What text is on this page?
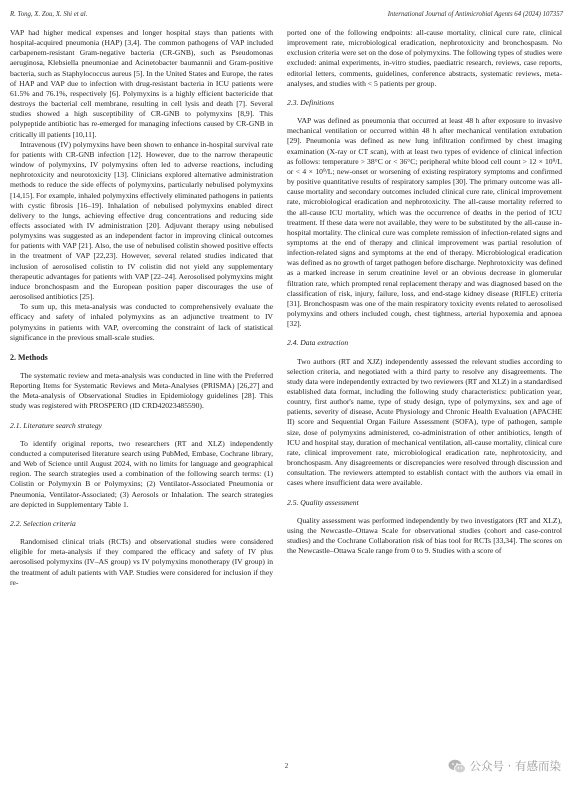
R. Tong, X. Zou, X. Shi et al.	International Journal of Antimicrobial Agents 64 (2024) 107357

VAP had higher medical expenses and longer hospital stays than patients with hospital-acquired pneumonia (HAP) [3,4]. The common pathogens of VAP included carbapenem-resistant Gram-negative bacteria (CR-GNB), such as Pseudomonas aeruginosa, Klebsiella pneumoniae and Acinetobacter baumannii and Gram-positive bacteria, such as Staphylococcus aureus [5]. In the United States and Europe, the rates of HAP and VAP due to infection with drug-resistant bacteria in ICU patients were 61.5% and 76.1%, respectively [6]. Polymyxins is a highly efficient bactericide that destroys the bacterial cell membrane, resulting in cell lysis and death [7]. Several studies showed a high susceptibility of CR-GNB to polymyxins [8,9]. This polypeptide antibiotic has re-emerged for managing infections caused by CR-GNB in critically ill patients [10,11].

Intravenous (IV) polymyxins have been shown to enhance in-hospital survival rate for patients with CR-GNB infection [12]. However, due to the narrow therapeutic window of polymyxins, IV polymyxins often led to adverse reactions, including nephrotoxicity and neurotoxicity [13]. Clinicians explored alternative administration methods to reduce the side effects of polymyxins, particularly nebulised polymyxins [14,15]. For example, inhaled polymyxins effectively eliminated pathogens in patients with cystic fibrosis [16–19]. Inhalation of nebulised polymyxins enabled direct delivery to the lungs, achieving effective drug concentrations and reducing side effects associated with IV administration [20]. Adjuvant therapy using nebulised polymyxins was suggested as an independent factor in improving clinical outcomes for patients with VAP [21]. Also, the use of nebulised colistin showed positive effects in the treatment of VAP [22,23]. However, several related studies indicated that inclusion of aerosolised colistin to IV colistin did not yield any supplementary therapeutic advantages for patients with VAP [22–24]. Aerosolised polymyxins might induce bronchospasm and the European position paper discourages the use of aerosolised antibiotics [25].

To sum up, this meta-analysis was conducted to comprehensively evaluate the efficacy and safety of inhaled polymyxins as an adjunctive treatment to IV polymyxins in patients with VAP, overcoming the constraint of lack of statistical significance in the previous small-scale studies.

2. Methods

The systematic review and meta-analysis was conducted in line with the Preferred Reporting Items for Systematic Reviews and Meta-Analyses (PRISMA) [26,27] and the Meta-analysis of Observational Studies in Epidemiology guidelines [28]. This study was registered with PROSPERO (ID CRD42023485590).

2.1. Literature search strategy

To identify original reports, two researchers (RT and XLZ) independently conducted a computerised literature search using PubMed, Embase, Cochrane library, and Web of Science until August 2024, with no limits for language and geographical region. The search strategies used a combination of the following search terms: (1) Colistin or Polymyxin B or Polymyxins; (2) Ventilator-Associated Pneumonia or Pneumonia, Ventilator-Associated; (3) Aerosols or Inhalation. The search strategies are depicted in Supplementary Table 1.

2.2. Selection criteria

Randomised clinical trials (RCTs) and observational studies were considered eligible for meta-analysis if they compared the efficacy and safety of IV plus aerosolised polymyxins (IV–AS group) vs IV polymyxins monotherapy (IV group) in the treatment of adult patients with VAP. Studies were considered for inclusion if they re-

ported one of the following endpoints: all-cause mortality, clinical cure rate, clinical improvement rate, microbiological eradication, nephrotoxicity and bronchospasm. No exclusion criteria were set on the dose of polymyxins. The following types of studies were excluded: animal experiments, in-vitro studies, paediatric research, reviews, case reports, editorial letters, comments, guidelines, conference abstracts, systematic reviews, meta-analyses, and studies with < 5 patients per group.

2.3. Definitions

VAP was defined as pneumonia that occurred at least 48 h after exposure to invasive mechanical ventilation or occurred within 48 h after mechanical ventilation extubation [29]. Pneumonia was defined as new lung infiltration confirmed by chest imaging examination (X-ray or CT scan), with at least two types of evidence of clinical infection as follows: temperature > 38°C or < 36°C; peripheral white blood cell count > 12 × 10⁹/L or < 4 × 10⁹/L; new-onset or worsening of existing respiratory symptoms and confirmed by positive quantitative results of respiratory samples [30]. The primary outcome was all-cause mortality and secondary outcomes included clinical cure rate, clinical improvement rate, microbiological eradication and nephrotoxicity. The all-cause mortality referred to the all-cause ICU mortality, which was the occurrence of deaths in the period of ICU treatment. If these data were not available, they were to be substituted by the all-cause in-hospital mortality. The clinical cure was complete remission of infection-related signs and symptoms at the end of therapy and clinical improvement was partial resolution of infection-related signs and symptoms at the end of therapy. Microbiological eradication was defined as no growth of target pathogen before discharge. Nephrotoxicity was defined as a marked increase in serum creatinine level or an obvious decrease in glomerular filtration rate, which prompted renal replacement therapy and was diagnosed based on the classification of risk, injury, failure, loss, and end-stage kidney disease (RIFLE) criteria [31]. Bronchospasm was one of the main respiratory toxicity events related to aerosolised polymyxins and others included cough, chest tightness, arterial hypoxemia and apnoea [32].

2.4. Data extraction

Two authors (RT and XJZ) independently assessed the relevant studies according to selection criteria, and negotiated with a third party to resolve any disagreements. The study data were independently extracted by two reviewers (RT and XLZ) in a standardised established data format, including the following study characteristics: publication year, country, first author's name, type of study design, type of polymyxins, sex and age of patients, severity of disease, Acute Physiology and Chronic Health Evaluation (APACHE II) score and Sequential Organ Failure Assessment (SOFA), type of pathogen, sample size, dose of polymyxins administered, co-administration of other antibiotics, length of ICU and hospital stay, duration of mechanical ventilation, all-cause mortality, clinical cure rate, clinical improvement rate, microbiological eradication rate, nephrotoxicity, and bronchospasm. Any disagreements or discrepancies were resolved through discussion and consultation. The reviewers attempted to establish contact with the authors via email in cases where insufficient data were available.

2.5. Quality assessment

Quality assessment was performed independently by two investigators (RT and XLZ), using the Newcastle–Ottawa Scale for observational studies (cohort and case-control studies) and the Cochrane Collaboration risk of bias tool for RCTs [33,34]. The scores on the Newcastle–Ottawa Scale range from 0 to 9. Studies with a score of

2	公众号 · 有感而染
